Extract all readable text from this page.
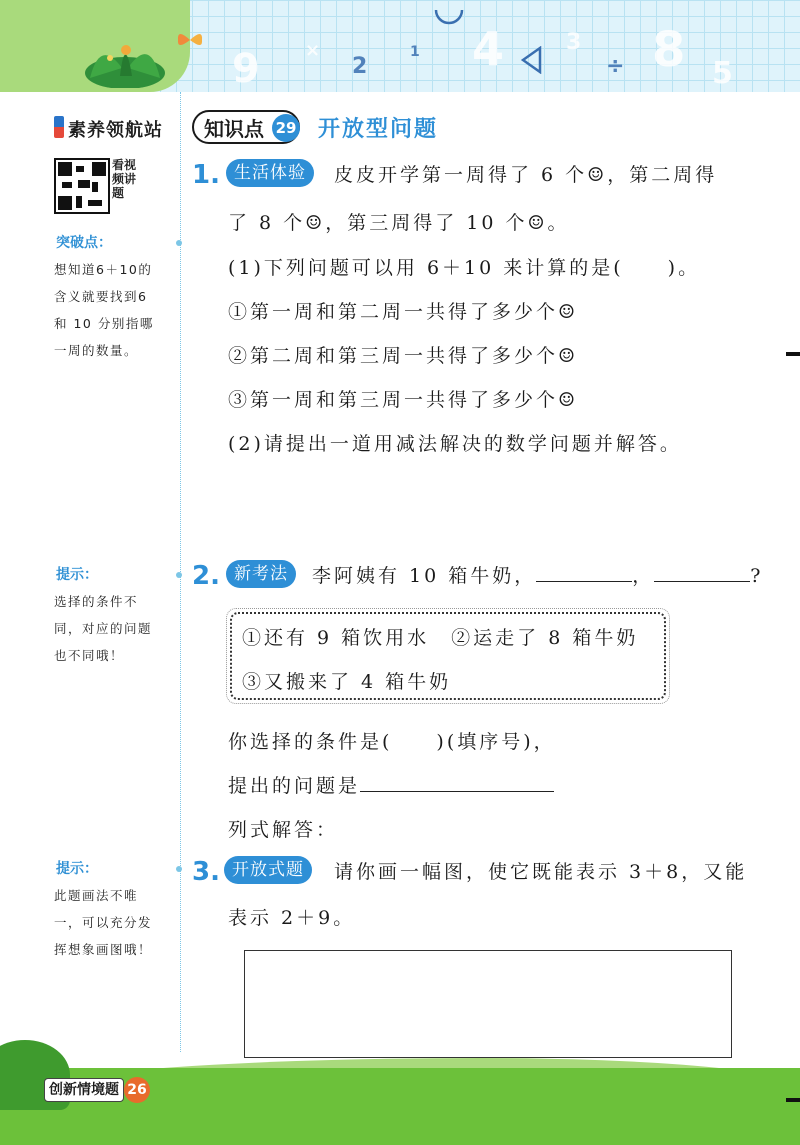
9	×
2
1 4	3
÷ 8 5
素养领航站
看视频讲题
突破点：
想知道6＋10的
含义就要找到6
和 10 分别指哪
一周的数量。
提示：
选择的条件不
同，对应的问题
也不同哦！
提示：
此题画法不唯
一，可以充分发
挥想象画图哦！
知识点 29 开放型问题
1. 生活体验	皮皮开学第一周得了 6 个☺，第二周得
了 8 个☺，第三周得了 10 个☺。
(1)下列问题可以用 6＋10 来计算的是(　　)。
①第一周和第二周一共得了多少个☺
②第二周和第三周一共得了多少个☺
③第一周和第三周一共得了多少个☺
(2)请提出一道用减法解决的数学问题并解答。
2. 新考法	李阿姨有 10 箱牛奶，	，	?
①还有 9 箱饮用水　②运走了 8 箱牛奶
③又搬来了 4 箱牛奶
你选择的条件是(　　)(填序号)，
提出的问题是
列式解答：
3. 开放式题	请你画一幅图，使它既能表示 3＋8，又能
表示 2＋9。
创新情境题 26
